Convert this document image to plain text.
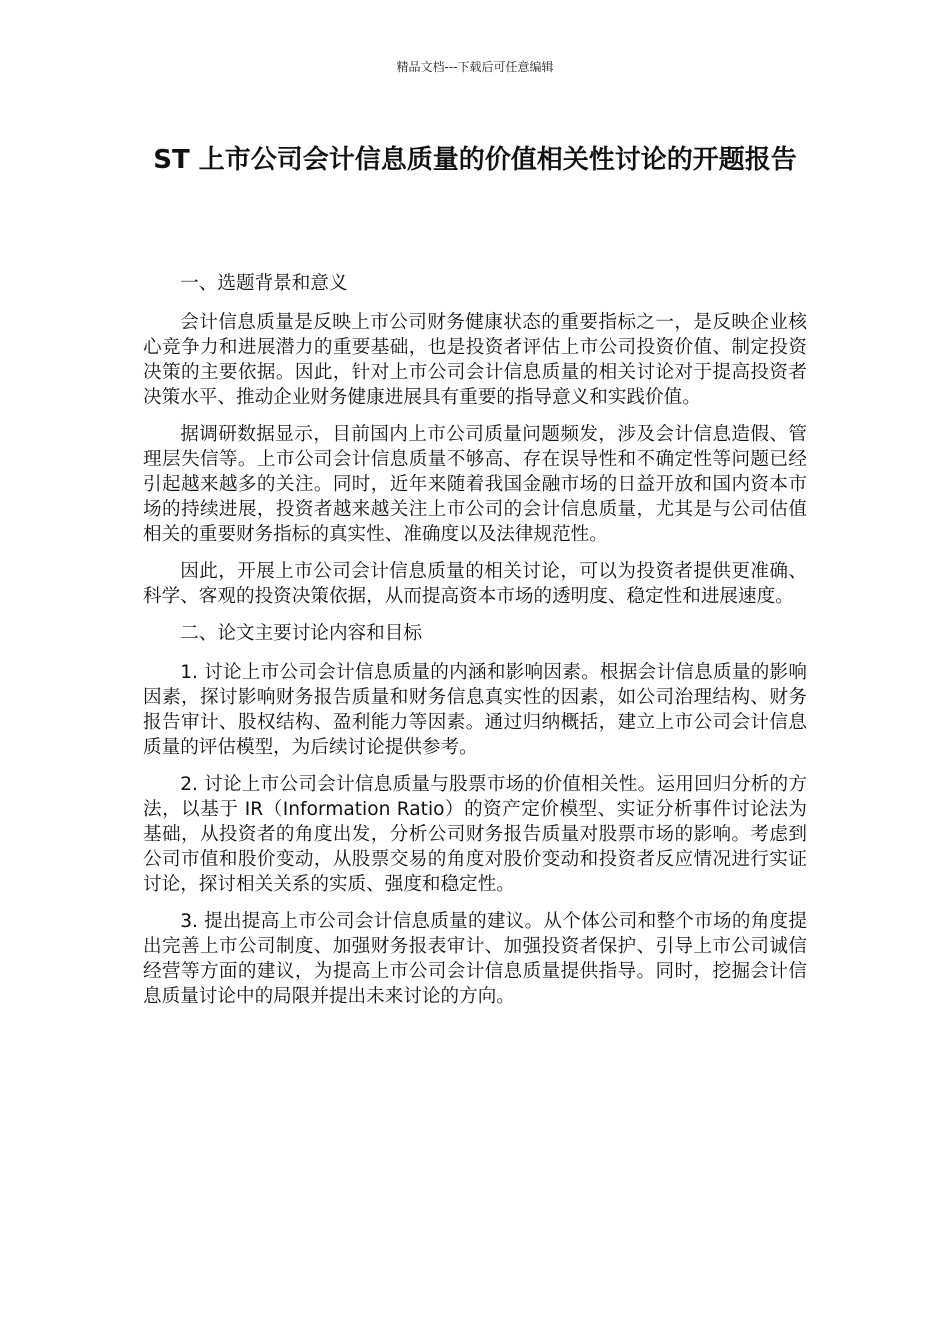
精品文档---下载后可任意编辑
ST 上市公司会计信息质量的价值相关性讨论的开题报告

一、选题背景和意义

会计信息质量是反映上市公司财务健康状态的重要指标之一，是反映企业核心竞争力和进展潜力的重要基础，也是投资者评估上市公司投资价值、制定投资决策的主要依据。因此，针对上市公司会计信息质量的相关讨论对于提高投资者决策水平、推动企业财务健康进展具有重要的指导意义和实践价值。

据调研数据显示，目前国内上市公司质量问题频发，涉及会计信息造假、管理层失信等。上市公司会计信息质量不够高、存在误导性和不确定性等问题已经引起越来越多的关注。同时，近年来随着我国金融市场的日益开放和国内资本市场的持续进展，投资者越来越关注上市公司的会计信息质量，尤其是与公司估值相关的重要财务指标的真实性、准确度以及法律规范性。

因此，开展上市公司会计信息质量的相关讨论，可以为投资者提供更准确、科学、客观的投资决策依据，从而提高资本市场的透明度、稳定性和进展速度。

二、论文主要讨论内容和目标

1. 讨论上市公司会计信息质量的内涵和影响因素。根据会计信息质量的影响因素，探讨影响财务报告质量和财务信息真实性的因素，如公司治理结构、财务报告审计、股权结构、盈利能力等因素。通过归纳概括，建立上市公司会计信息质量的评估模型，为后续讨论提供参考。

2. 讨论上市公司会计信息质量与股票市场的价值相关性。运用回归分析的方法，以基于 IR（Information Ratio）的资产定价模型、实证分析事件讨论法为基础，从投资者的角度出发，分析公司财务报告质量对股票市场的影响。考虑到公司市值和股价变动，从股票交易的角度对股价变动和投资者反应情况进行实证讨论，探讨相关关系的实质、强度和稳定性。

3. 提出提高上市公司会计信息质量的建议。从个体公司和整个市场的角度提出完善上市公司制度、加强财务报表审计、加强投资者保护、引导上市公司诚信经营等方面的建议，为提高上市公司会计信息质量提供指导。同时，挖掘会计信息质量讨论中的局限并提出未来讨论的方向。
